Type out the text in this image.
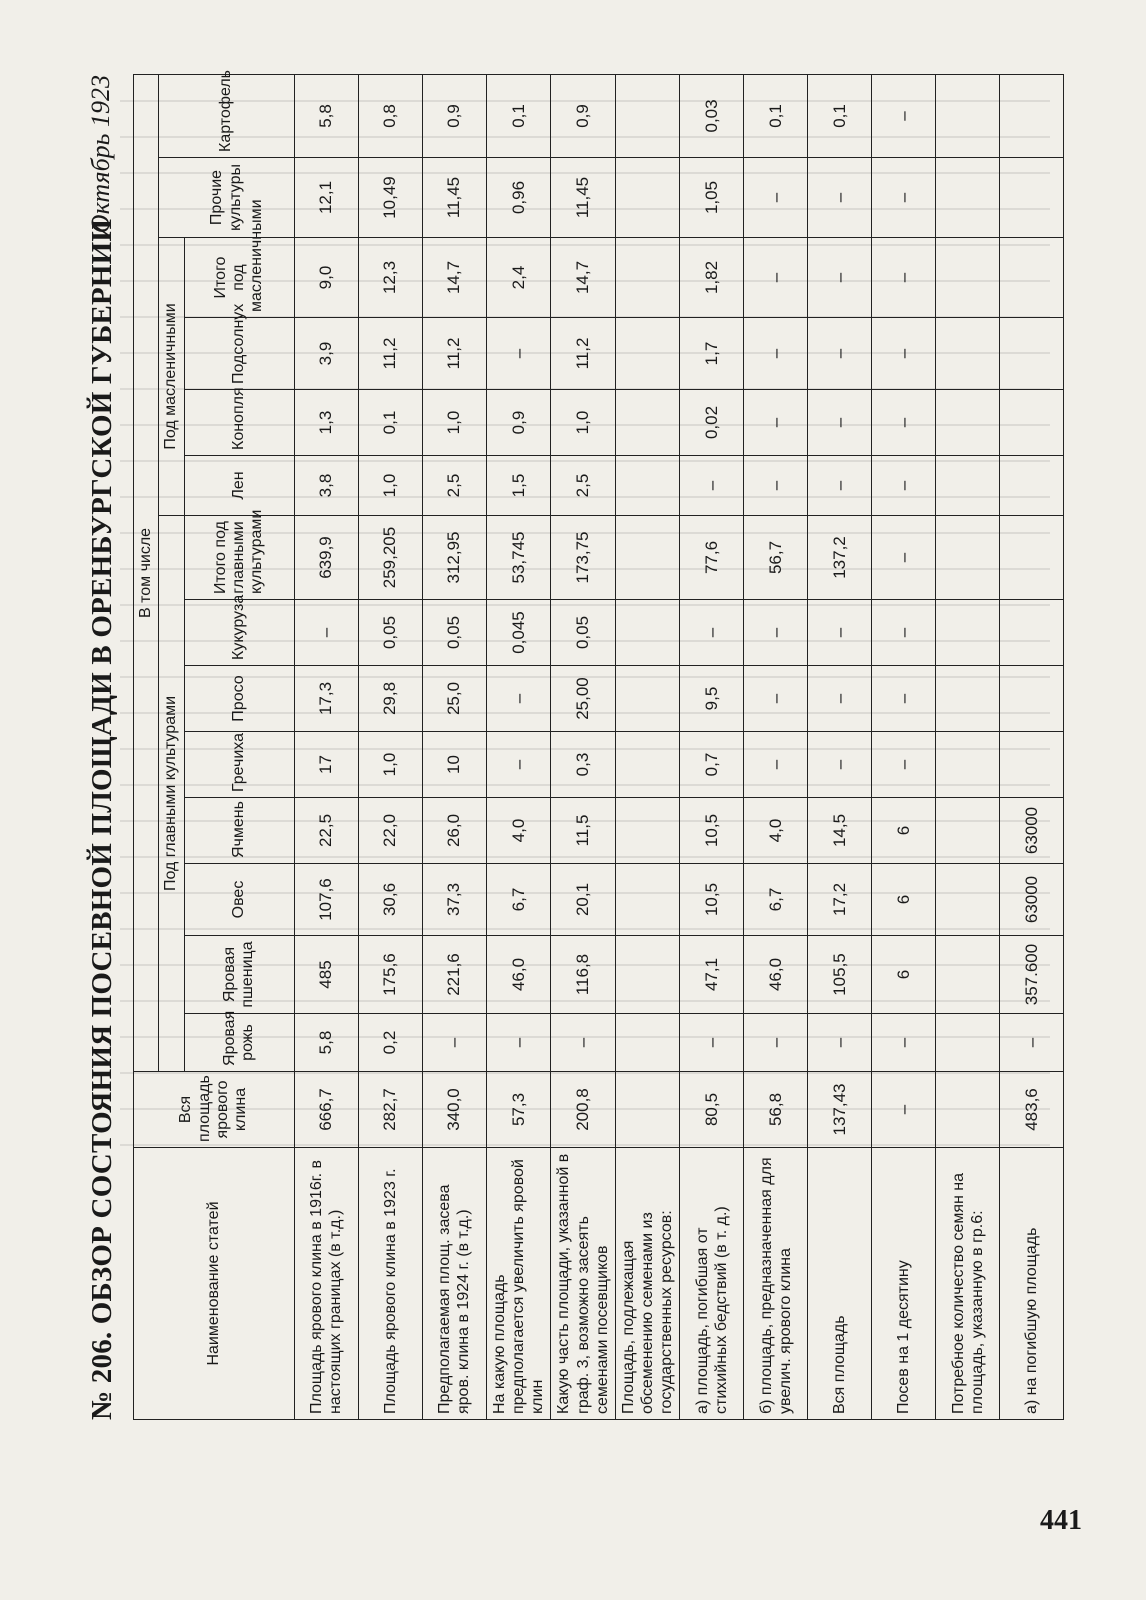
№ 206. ОБЗОР СОСТОЯНИЯ ПОСЕВНОЙ ПЛОЩАДИ В ОРЕНБУРГСКОЙ ГУБЕРНИИ
Октябрь 1923
Наименование статей	Вся площадь ярового клина	В том числе													
		Под главными культурами								Под масленичными				Прочие культуры	Картофель
		Яровая рожь	Яровая пшеница	Овес	Ячмень	Гречиха	Просо	Кукуруза	Итого под главными культурами	Лен	Конопля	Подсолнух	Итого под масленичными		
Площадь ярового клина в 1916г. в настоящих границах (в т.д.)	666,7	5,8	485	107,6	22,5	17	17,3	–	639,9	3,8	1,3	3,9	9,0	12,1	5,8
Площадь ярового клина в 1923 г.	282,7	0,2	175,6	30,6	22,0	1,0	29,8	0,05	259,205	1,0	0,1	11,2	12,3	10,49	0,8
Предполагаемая площ. засева яров. клина в 1924 г. (в т.д.)	340,0	–	221,6	37,3	26,0	10	25,0	0,05	312,95	2,5	1,0	11,2	14,7	11,45	0,9
На какую площадь предполагается увеличить яровой клин	57,3	–	46,0	6,7	4,0	–	–	0,045	53,745	1,5	0,9	–	2,4	0,96	0,1
Какую часть площади, указанной в граф. 3, возможно засеять семенами посевщиков	200,8	–	116,8	20,1	11,5	0,3	25,00	0,05	173,75	2,5	1,0	11,2	14,7	11,45	0,9
Площадь, подлежащая обсеменению семенами из государственных ресурсов:															
а) площадь, погибшая от стихийных бедствий (в т. д.)	80,5	–	47,1	10,5	10,5	0,7	9,5	–	77,6	–	0,02	1,7	1,82	1,05	0,03
б) площадь, предназначенная для увелич. ярового клина	56,8	–	46,0	6,7	4,0	–	–	–	56,7	–	–	–	–	–	0,1
Вся площадь	137,43	–	105,5	17,2	14,5	–	–	–	137,2	–	–	–	–	–	0,1
Посев на 1 десятину	–	–	6	6	6	–	–	–	–	–	–	–	–	–	–
Потребное количество семян на площадь, указанную в гр.6:															
а) на погибшую площадь	483,6	–	357.600	63000	63000										
441
